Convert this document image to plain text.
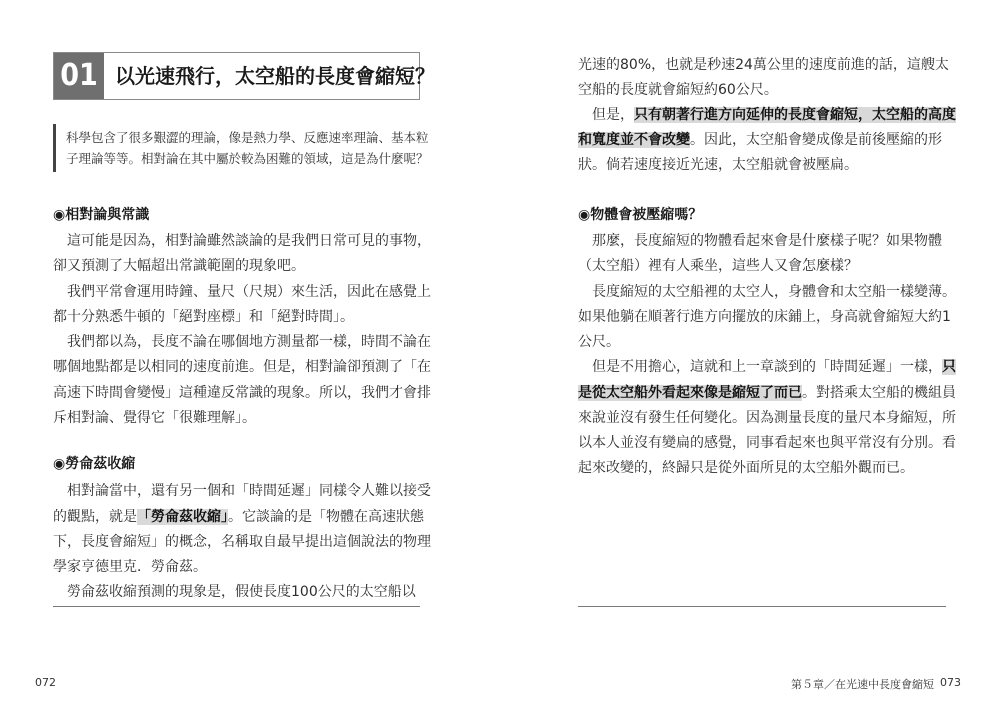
01 以光速飛行，太空船的長度會縮短？
科學包含了很多艱澀的理論，像是熱力學、反應速率理論、基本粒
子理論等等。相對論在其中屬於較為困難的領域，這是為什麼呢？
◉相對論與常識
這可能是因為，相對論雖然談論的是我們日常可見的事物，
卻又預測了大幅超出常識範圍的現象吧。
我們平常會運用時鐘、量尺（尺規）來生活，因此在感覺上
都十分熟悉牛頓的「絕對座標」和「絕對時間」。
我們都以為，長度不論在哪個地方測量都一樣，時間不論在
哪個地點都是以相同的速度前進。但是，相對論卻預測了「在
高速下時間會變慢」這種違反常識的現象。所以，我們才會排
斥相對論、覺得它「很難理解」。
◉勞侖茲收縮
相對論當中，還有另一個和「時間延遲」同樣令人難以接受
的觀點，就是「勞侖茲收縮」。它談論的是「物體在高速狀態
下，長度會縮短」的概念，名稱取自最早提出這個說法的物理
學家亨德里克．勞侖茲。
勞侖茲收縮預測的現象是，假使長度100公尺的太空船以
072
光速的80%，也就是秒速24萬公里的速度前進的話，這艘太
空船的長度就會縮短約60公尺。
但是，只有朝著行進方向延伸的長度會縮短，太空船的高度
和寬度並不會改變。因此，太空船會變成像是前後壓縮的形
狀。倘若速度接近光速，太空船就會被壓扁。
◉物體會被壓縮嗎？
那麼，長度縮短的物體看起來會是什麼樣子呢？如果物體
（太空船）裡有人乘坐，這些人又會怎麼樣？
長度縮短的太空船裡的太空人，身體會和太空船一樣變薄。
如果他躺在順著行進方向擺放的床鋪上，身高就會縮短大約1
公尺。
但是不用擔心，這就和上一章談到的「時間延遲」一樣，只
是從太空船外看起來像是縮短了而已。對搭乘太空船的機組員
來說並沒有發生任何變化。因為測量長度的量尺本身縮短，所
以本人並沒有變扁的感覺，同事看起來也與平常沒有分別。看
起來改變的，終歸只是從外面所見的太空船外觀而已。
第５章／在光速中長度會縮短 073
